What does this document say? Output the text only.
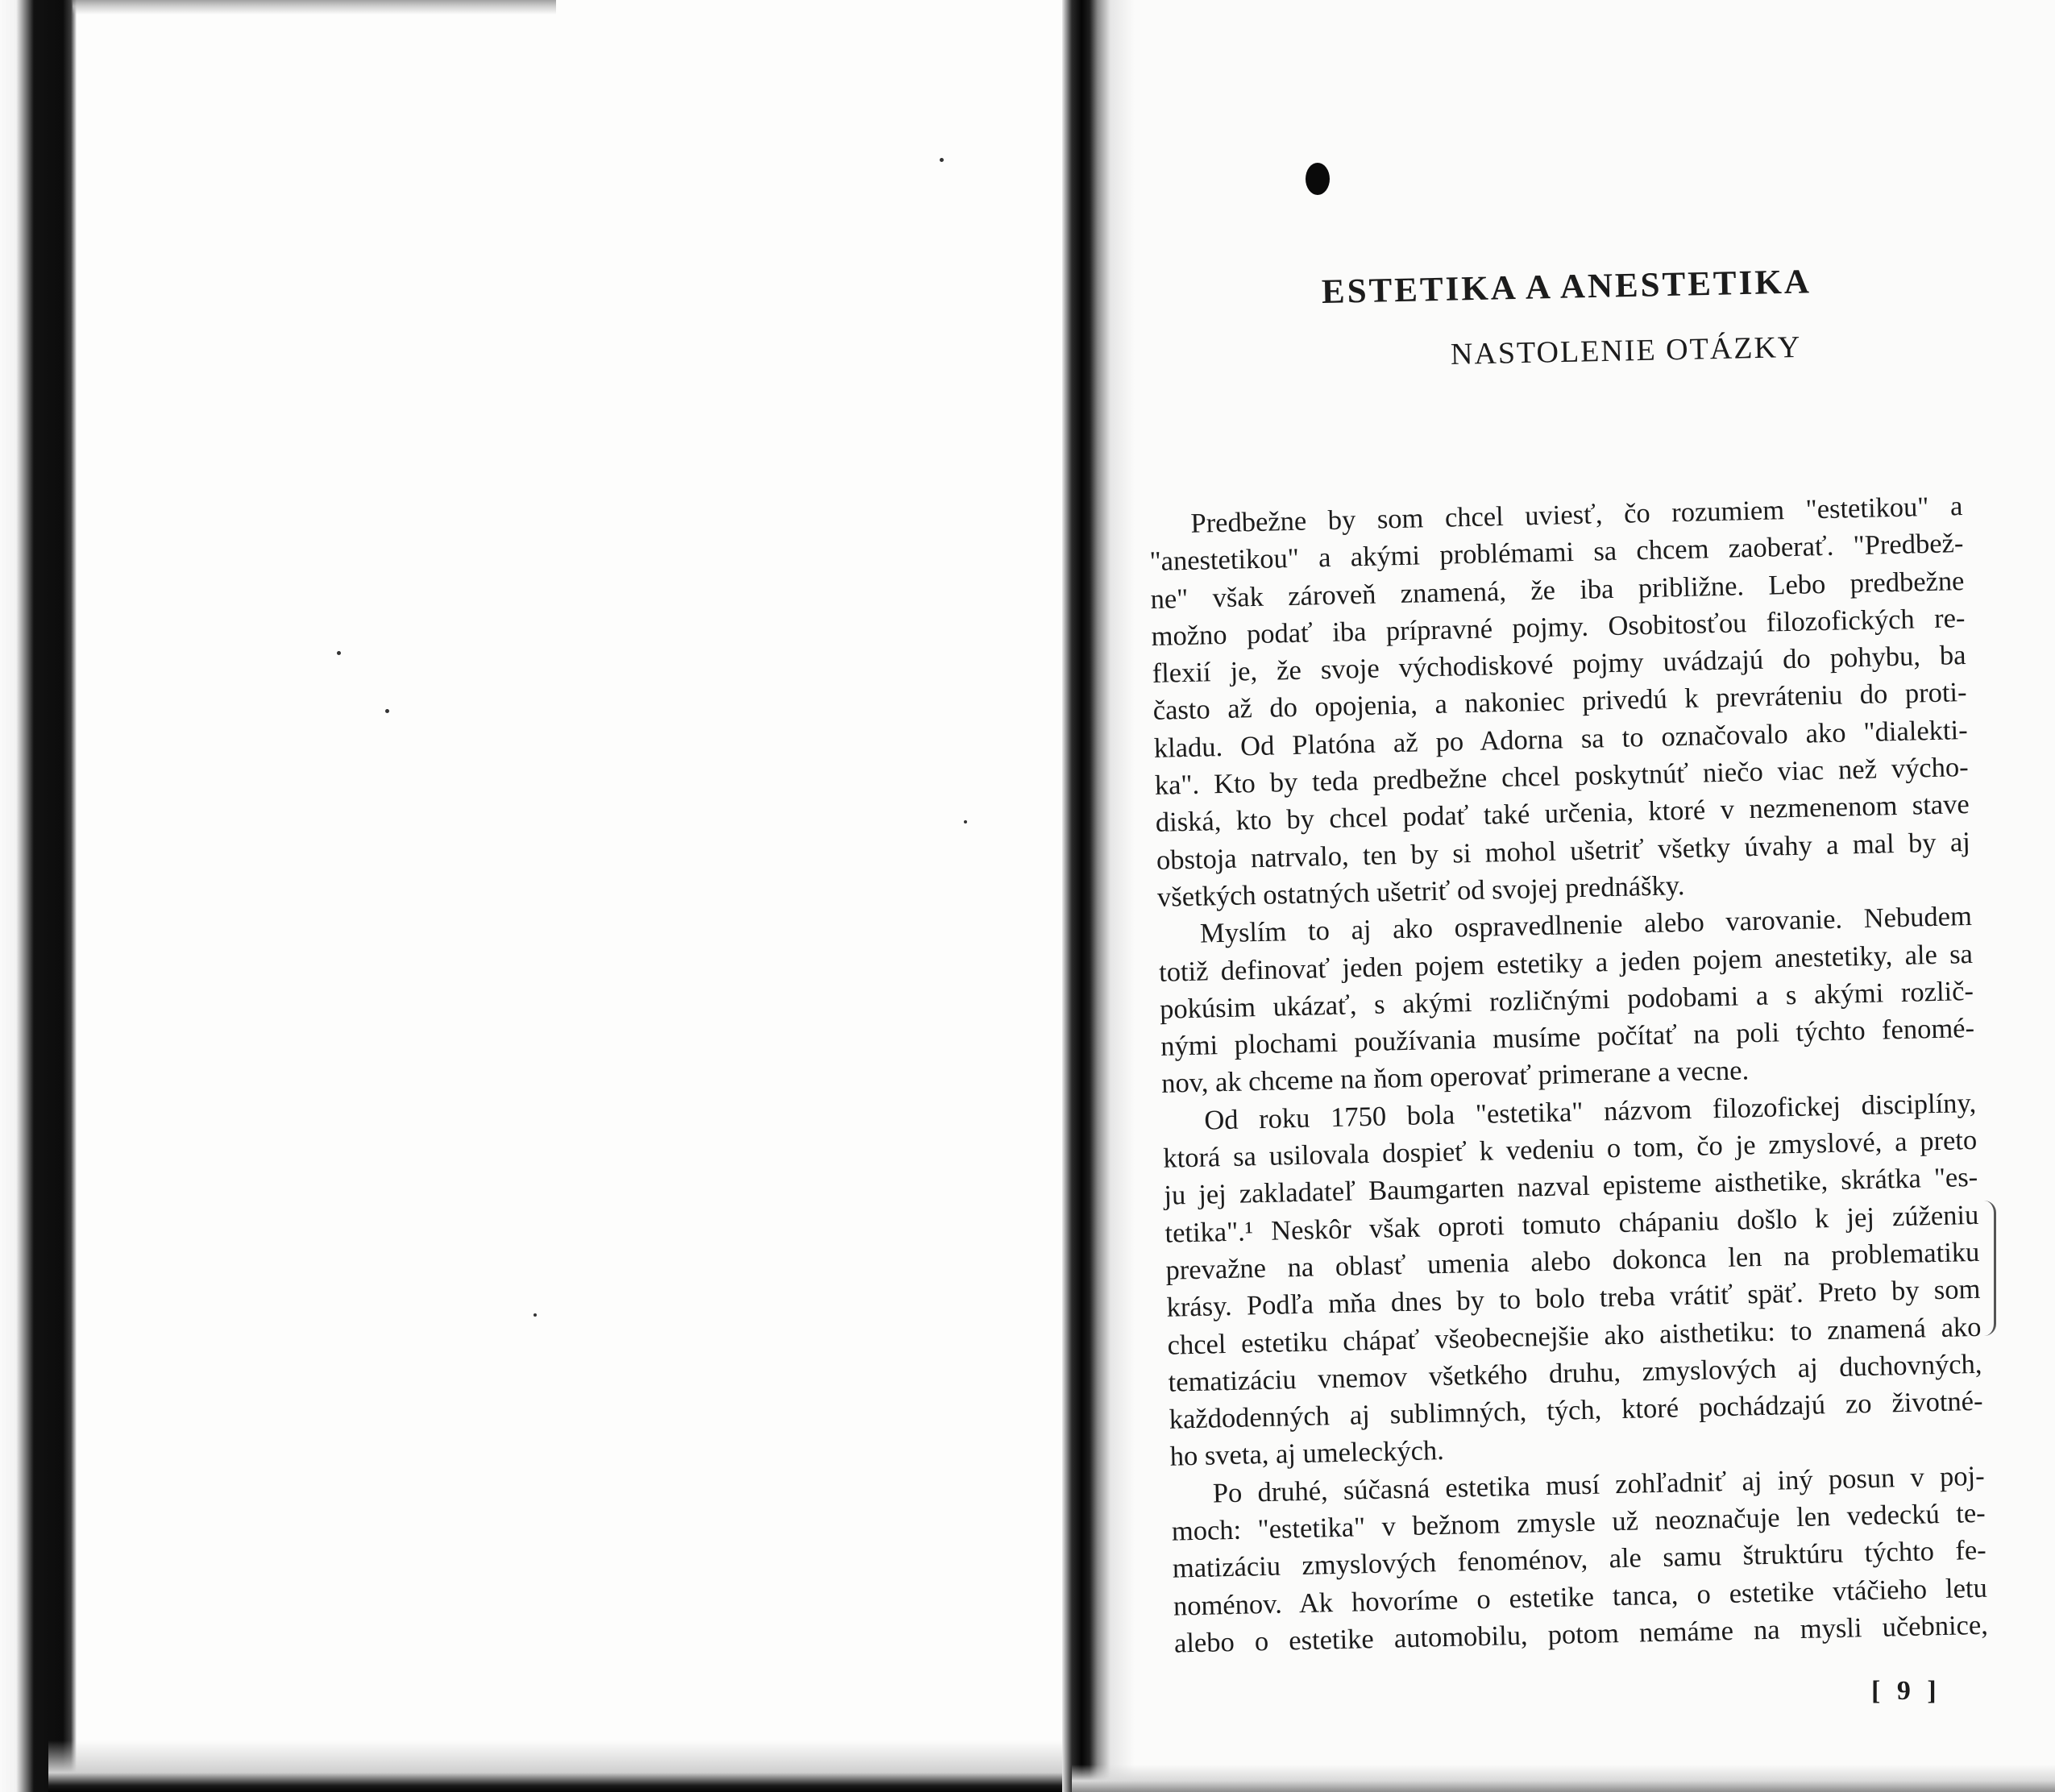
ESTETIKA A ANESTETIKA
NASTOLENIE OTÁZKY
Predbežne by som chcel uviesť, čo rozumiem "estetikou" a
"anestetikou" a akými problémami sa chcem zaoberať. "Predbež-
ne" však zároveň znamená, že iba približne. Lebo predbežne
možno podať iba prípravné pojmy. Osobitosťou filozofických re-
flexií je, že svoje východiskové pojmy uvádzajú do pohybu, ba
často až do opojenia, a nakoniec privedú k prevráteniu do proti-
kladu. Od Platóna až po Adorna sa to označovalo ako "dialekti-
ka". Kto by teda predbežne chcel poskytnúť niečo viac než výcho-
diská, kto by chcel podať také určenia, ktoré v nezmenenom stave
obstoja natrvalo, ten by si mohol ušetriť všetky úvahy a mal by aj
všetkých ostatných ušetriť od svojej prednášky.
Myslím to aj ako ospravedlnenie alebo varovanie. Nebudem
totiž definovať jeden pojem estetiky a jeden pojem anestetiky, ale sa
pokúsim ukázať, s akými rozličnými podobami a s akými rozlič-
nými plochami používania musíme počítať na poli týchto fenomé-
nov, ak chceme na ňom operovať primerane a vecne.
Od roku 1750 bola "estetika" názvom filozofickej disciplíny,
ktorá sa usilovala dospieť k vedeniu o tom, čo je zmyslové, a preto
ju jej zakladateľ Baumgarten nazval episteme aisthetike, skrátka "es-
tetika".¹ Neskôr však oproti tomuto chápaniu došlo k jej zúženiu
prevažne na oblasť umenia alebo dokonca len na problematiku
krásy. Podľa mňa dnes by to bolo treba vrátiť späť. Preto by som
chcel estetiku chápať všeobecnejšie ako aisthetiku: to znamená ako
tematizáciu vnemov všetkého druhu, zmyslových aj duchovných,
každodenných aj sublimných, tých, ktoré pochádzajú zo životné-
ho sveta, aj umeleckých.
Po druhé, súčasná estetika musí zohľadniť aj iný posun v poj-
moch: "estetika" v bežnom zmysle už neoznačuje len vedeckú te-
matizáciu zmyslových fenoménov, ale samu štruktúru týchto fe-
noménov. Ak hovoríme o estetike tanca, o estetike vtáčieho letu
alebo o estetike automobilu, potom nemáme na mysli učebnice,
[ 9 ]
